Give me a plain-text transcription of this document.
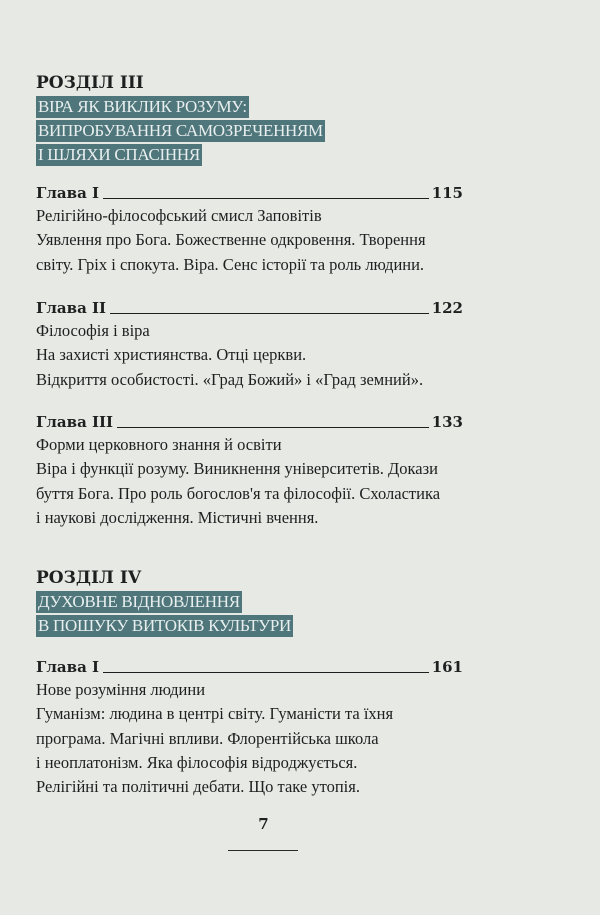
РОЗДІЛ III
ВІРА ЯК ВИКЛИК РОЗУМУ:
ВИПРОБУВАННЯ САМОЗРЕЧЕННЯМ
І ШЛЯХИ СПАСІННЯ
Глава I	115
Релігійно-філософський смисл Заповітів
Уявлення про Бога. Божественне одкровення. Творення
світу. Гріх і спокута. Віра. Сенс історії та роль людини.
Глава II	122
Філософія і віра
На захисті християнства. Отці церкви.
Відкриття особистості. «Град Божий» і «Град земний».
Глава III	133
Форми церковного знання й освіти
Віра і функції розуму. Виникнення університетів. Докази
буття Бога. Про роль богослов'я та філософії. Схоластика
і наукові дослідження. Містичні вчення.
РОЗДІЛ IV
ДУХОВНЕ ВІДНОВЛЕННЯ
В ПОШУКУ ВИТОКІВ КУЛЬТУРИ
Глава I	161
Нове розуміння людини
Гуманізм: людина в центрі світу. Гуманісти та їхня
програма. Магічні впливи. Флорентійська школа
і неоплатонізм. Яка філософія відроджується.
Релігійні та політичні дебати. Що таке утопія.
7
